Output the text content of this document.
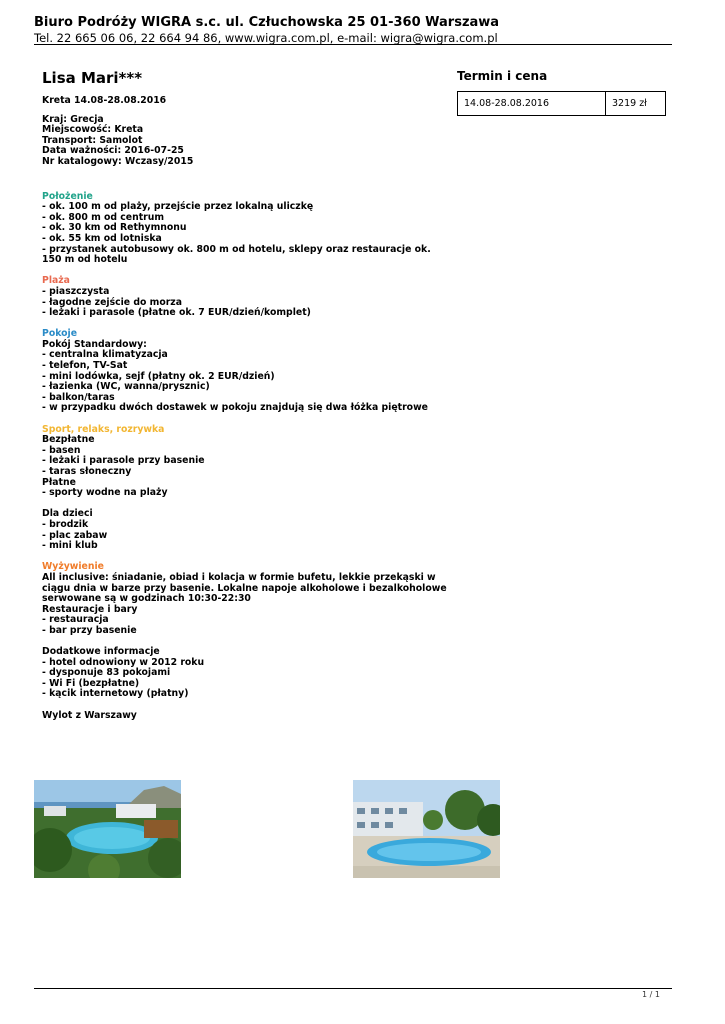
Biuro Podróży WIGRA s.c. ul. Człuchowska 25 01-360 Warszawa
Tel. 22 665 06 06, 22 664 94 86, www.wigra.com.pl, e-mail: wigra@wigra.com.pl
Lisa Mari***
Kreta 14.08-28.08.2016
Kraj: Grecja
Miejscowość: Kreta
Transport: Samolot
Data ważności: 2016-07-25
Nr katalogowy: Wczasy/2015
Położenie
- ok. 100 m od plaży, przejście przez lokalną uliczkę
- ok. 800 m od centrum
- ok. 30 km od Rethymnonu
- ok. 55 km od lotniska
- przystanek autobusowy ok. 800 m od hotelu, sklepy oraz restauracje ok. 150 m od hotelu
Plaża
- piaszczysta
- łagodne zejście do morza
- leżaki i parasole (płatne ok. 7 EUR/dzień/komplet)
Pokoje
Pokój Standardowy:
- centralna klimatyzacja
- telefon, TV-Sat
- mini lodówka, sejf (płatny ok. 2 EUR/dzień)
- łazienka (WC, wanna/prysznic)
- balkon/taras
- w przypadku dwóch dostawek w pokoju znajdują się dwa łóżka piętrowe
Sport, relaks, rozrywka
Bezpłatne
- basen
- leżaki i parasole przy basenie
- taras słoneczny
Płatne
- sporty wodne na plaży
Dla dzieci
- brodzik
- plac zabaw
- mini klub
Wyżywienie
All inclusive: śniadanie, obiad i kolacja w formie bufetu, lekkie przekąski w ciągu dnia w barze przy basenie. Lokalne napoje alkoholowe i bezalkoholowe serwowane są w godzinach 10:30-22:30
Restauracje i bary
- restauracja
- bar przy basenie
Dodatkowe informacje
- hotel odnowiony w 2012 roku
- dysponuje 83 pokojami
- Wi Fi (bezpłatne)
- kącik internetowy (płatny)
Wylot z Warszawy
Termin i cena
14.08-28.08.2016	3219 zł
1 / 1
